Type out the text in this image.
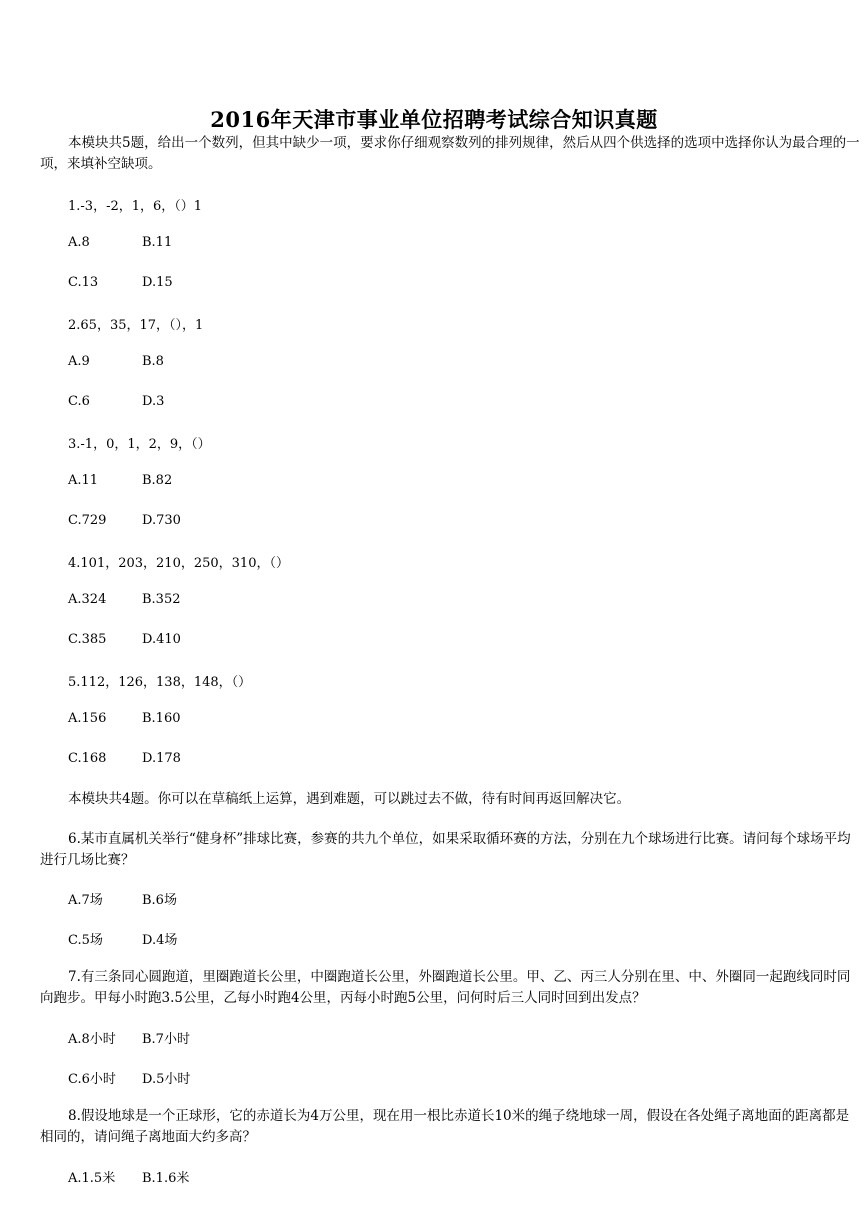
2016年天津市事业单位招聘考试综合知识真题
本模块共5题，给出一个数列，但其中缺少一项，要求你仔细观察数列的排列规律，然后从四个供选择的选项中选择你认为最合理的一项，来填补空缺项。
1.-3，-2，1，6，（）1
A.8	B.11
C.13	D.15
2.65，35，17，（），1
A.9	B.8
C.6	D.3
3.-1，0，1，2，9，（）
A.11	B.82
C.729	D.730
4.101，203，210，250，310，（）
A.324	B.352
C.385	D.410
5.112，126，138，148，（）
A.156	B.160
C.168	D.178
本模块共4题。你可以在草稿纸上运算，遇到难题，可以跳过去不做，待有时间再返回解决它。
6.某市直属机关举行“健身杯”排球比赛，参赛的共九个单位，如果采取循环赛的方法，分别在九个球场进行比赛。请问每个球场平均进行几场比赛？
A.7场	B.6场
C.5场	D.4场
7.有三条同心圆跑道，里圈跑道长公里，中圈跑道长公里，外圈跑道长公里。甲、乙、丙三人分别在里、中、外圈同一起跑线同时同向跑步。甲每小时跑3.5公里，乙每小时跑4公里，丙每小时跑5公里，问何时后三人同时回到出发点？
A.8小时 B.7小时
C.6小时 D.5小时
8.假设地球是一个正球形，它的赤道长为4万公里，现在用一根比赤道长10米的绳子绕地球一周，假设在各处绳子离地面的距离都是相同的，请问绳子离地面大约多高？
A.1.5米 B.1.6米
